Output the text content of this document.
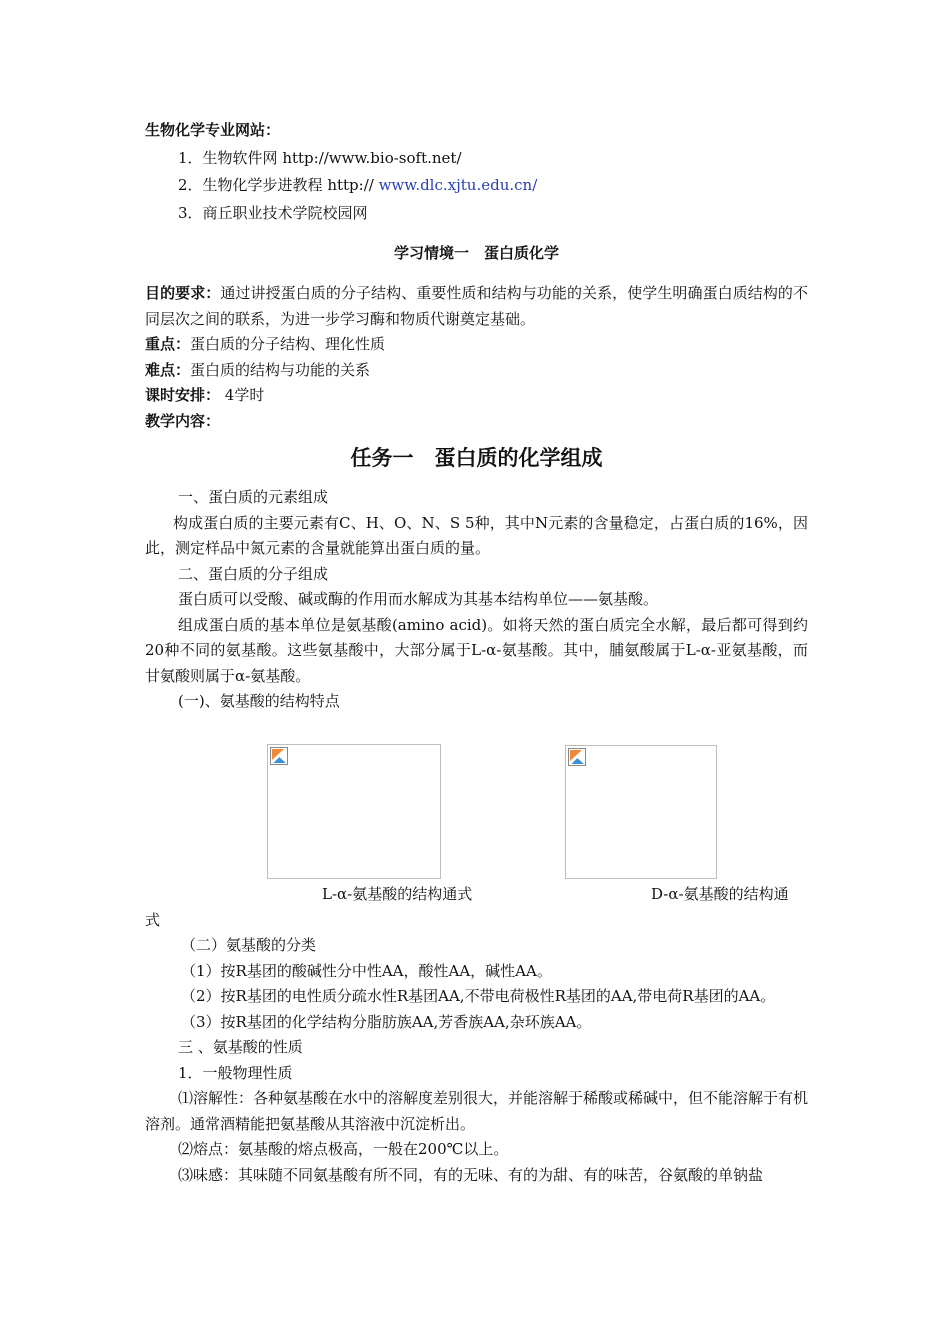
生物化学专业网站：
1．生物软件网 http://www.bio-soft.net/
2．生物化学步进教程 http:// www.dlc.xjtu.edu.cn/
3．商丘职业技术学院校园网
学习情境一　蛋白质化学
目的要求：通过讲授蛋白质的分子结构、重要性质和结构与功能的关系，使学生明确蛋白质结构的不同层次之间的联系，为进一步学习酶和物质代谢奠定基础。
重点：蛋白质的分子结构、理化性质
难点：蛋白质的结构与功能的关系
课时安排： 4学时
教学内容：
任务一　蛋白质的化学组成
一、蛋白质的元素组成
构成蛋白质的主要元素有C、H、O、N、S 5种，其中N元素的含量稳定，占蛋白质的16%，因此，测定样品中氮元素的含量就能算出蛋白质的量。
二、蛋白质的分子组成
蛋白质可以受酸、碱或酶的作用而水解成为其基本结构单位——氨基酸。
组成蛋白质的基本单位是氨基酸(amino acid)。如将天然的蛋白质完全水解，最后都可得到约20种不同的氨基酸。这些氨基酸中，大部分属于L-α-氨基酸。其中，脯氨酸属于L-α-亚氨基酸，而甘氨酸则属于α-氨基酸。
(一)、氨基酸的结构特点
L-α-氨基酸的结构通式	D-α-氨基酸的结构通
式
（二）氨基酸的分类
（1）按R基团的酸碱性分中性AA，酸性AA，碱性AA。
（2）按R基团的电性质分疏水性R基团AA,不带电荷极性R基团的AA,带电荷R基团的AA。
（3）按R基团的化学结构分脂肪族AA,芳香族AA,杂环族AA。
三 、氨基酸的性质
1．一般物理性质
⑴溶解性：各种氨基酸在水中的溶解度差别很大，并能溶解于稀酸或稀碱中，但不能溶解于有机溶剂。通常酒精能把氨基酸从其溶液中沉淀析出。
⑵熔点：氨基酸的熔点极高，一般在200℃以上。
⑶味感：其味随不同氨基酸有所不同，有的无味、有的为甜、有的味苦，谷氨酸的单钠盐
